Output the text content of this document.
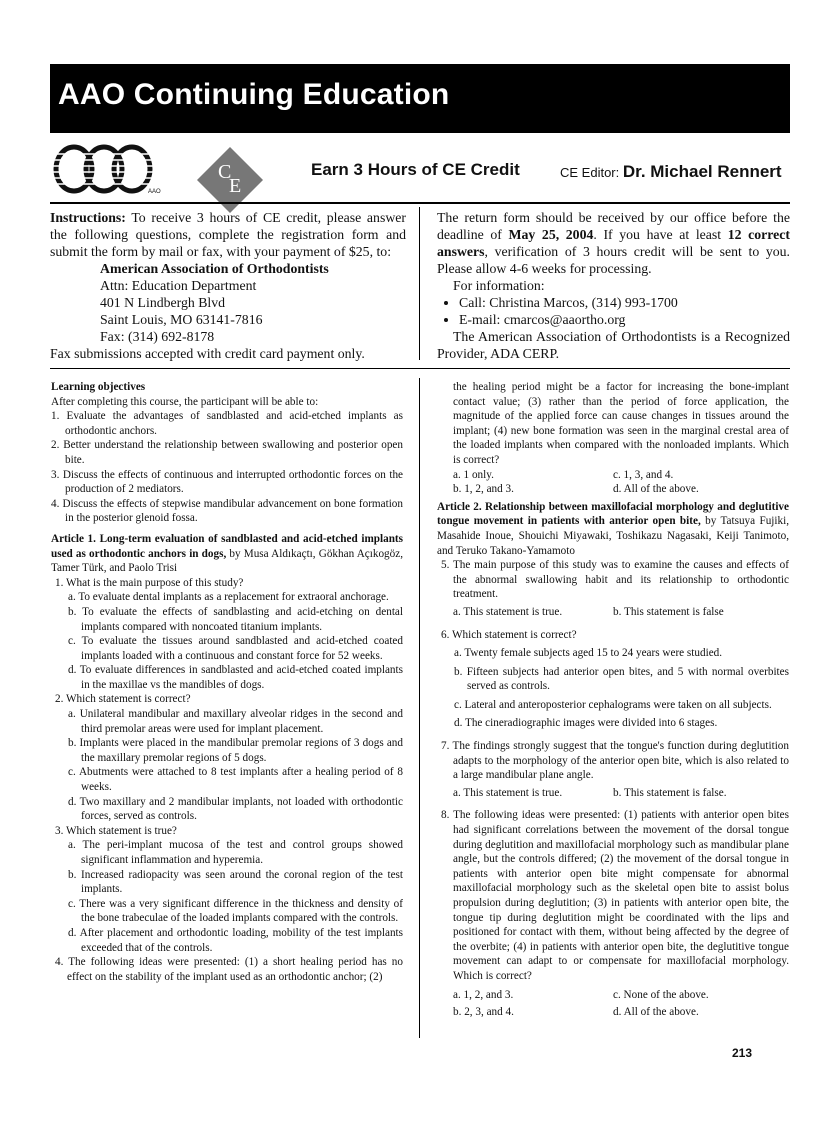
AAO Continuing Education
AAO
C
E
Earn 3 Hours of CE Credit	CE Editor: Dr. Michael Rennert
Instructions: To receive 3 hours of CE credit, please answer the following questions, complete the registration form and submit the form by mail or fax, with your payment of $25, to:
American Association of Orthodontists
Attn: Education Department
401 N Lindbergh Blvd
Saint Louis, MO 63141-7816
Fax: (314) 692-8178
Fax submissions accepted with credit card payment only.
The return form should be received by our office before the deadline of May 25, 2004. If you have at least 12 correct answers, verification of 3 hours credit will be sent to you. Please allow 4-6 weeks for processing.
For information:
• Call: Christina Marcos, (314) 993-1700
• E-mail: cmarcos@aaortho.org
The American Association of Orthodontists is a Recognized Provider, ADA CERP.

Learning objectives

After completing this course, the participant will be able to:

1. Evaluate the advantages of sandblasted and acid-etched implants as orthodontic anchors.

2. Better understand the relationship between swallowing and posterior open bite.

3. Discuss the effects of continuous and interrupted orthodontic forces on the production of 2 mediators.

4. Discuss the effects of stepwise mandibular advancement on bone formation in the posterior glenoid fossa.

Article 1. Long-term evaluation of sandblasted and acid-etched implants used as orthodontic anchors in dogs, by Musa Aldıkaçtı, Gökhan Açıkogöz, Tamer Türk, and Paolo Trisi

1. What is the main purpose of this study?

a. To evaluate dental implants as a replacement for extraoral anchorage.

b. To evaluate the effects of sandblasting and acid-etching on dental implants compared with noncoated titanium implants.

c. To evaluate the tissues around sandblasted and acid-etched coated implants loaded with a continuous and constant force for 52 weeks.

d. To evaluate differences in sandblasted and acid-etched coated implants in the maxillae vs the mandibles of dogs.

2. Which statement is correct?

a. Unilateral mandibular and maxillary alveolar ridges in the second and third premolar areas were used for implant placement.

b. Implants were placed in the mandibular premolar regions of 3 dogs and the maxillary premolar regions of 5 dogs.

c. Abutments were attached to 8 test implants after a healing period of 8 weeks.

d. Two maxillary and 2 mandibular implants, not loaded with orthodontic forces, served as controls.

3. Which statement is true?

a. The peri-implant mucosa of the test and control groups showed significant inflammation and hyperemia.

b. Increased radiopacity was seen around the coronal region of the test implants.

c. There was a very significant difference in the thickness and density of the bone trabeculae of the loaded implants compared with the controls.

d. After placement and orthodontic loading, mobility of the test implants exceeded that of the controls.

4. The following ideas were presented: (1) a short healing period has no effect on the stability of the implant used as an orthodontic anchor; (2)

the healing period might be a factor for increasing the bone-implant contact value; (3) rather than the period of force application, the magnitude of the applied force can cause changes in tissues around the implant; (4) new bone formation was seen in the marginal crestal area of the loaded implants when compared with the nonloaded implants. Which is correct?

a. 1 only.	c. 1, 3, and 4.
b. 1, 2, and 3.	d. All of the above.

Article 2. Relationship between maxillofacial morphology and deglutitive tongue movement in patients with anterior open bite, by Tatsuya Fujiki, Masahide Inoue, Shouichi Miyawaki, Toshikazu Nagasaki, Keiji Tanimoto, and Teruko Takano-Yamamoto

5. The main purpose of this study was to examine the causes and effects of the abnormal swallowing habit and its relationship to orthodontic treatment.

a. This statement is true.	b. This statement is false

6. Which statement is correct?

a. Twenty female subjects aged 15 to 24 years were studied.

b. Fifteen subjects had anterior open bites, and 5 with normal overbites served as controls.

c. Lateral and anteroposterior cephalograms were taken on all subjects.

d. The cineradiographic images were divided into 6 stages.

7. The findings strongly suggest that the tongue's function during deglutition adapts to the morphology of the anterior open bite, which is also related to a large mandibular plane angle.

a. This statement is true.	b. This statement is false.

8. The following ideas were presented: (1) patients with anterior open bites had significant correlations between the movement of the dorsal tongue during deglutition and maxillofacial morphology such as mandibular plane angle, but the controls differed; (2) the movement of the dorsal tongue in patients with anterior open bite might compensate for abnormal maxillofacial morphology such as the skeletal open bite to assist bolus propulsion during deglutition; (3) in patients with anterior open bite, the tongue tip during deglutition might be coordinated with the lips and positioned for contact with them, without being affected by the degree of the overbite; (4) in patients with anterior open bite, the deglutitive tongue movement can adapt to or compensate for maxillofacial morphology. Which is correct?

a. 1, 2, and 3.	c. None of the above.
b. 2, 3, and 4.	d. All of the above.
213
